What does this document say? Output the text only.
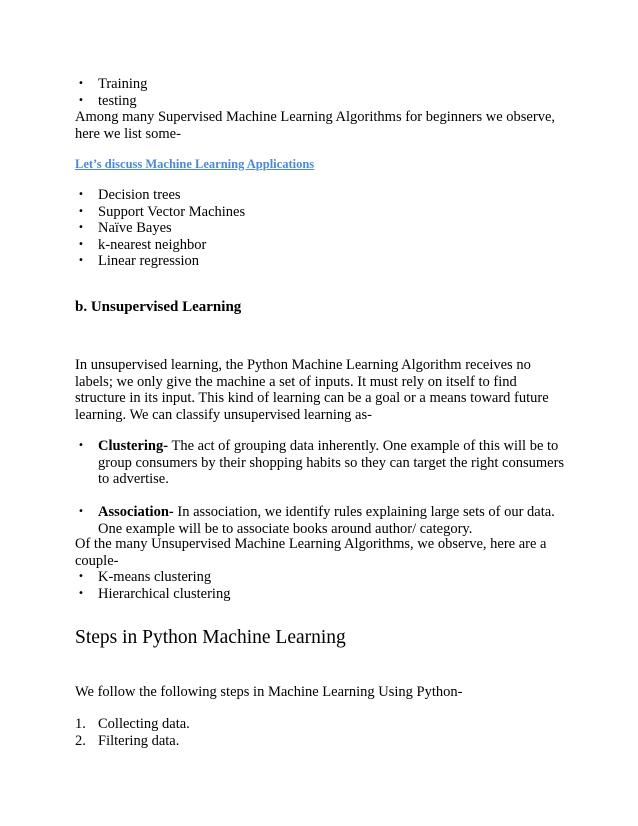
• Training
• testing

Among many Supervised Machine Learning Algorithms for beginners we observe, here we list some-

Let’s discuss Machine Learning Applications

• Decision trees
• Support Vector Machines
• Naïve Bayes
• k-nearest neighbor
• Linear regression

b. Unsupervised Learning

In unsupervised learning, the Python Machine Learning Algorithm receives no labels; we only give the machine a set of inputs. It must rely on itself to find structure in its input. This kind of learning can be a goal or a means toward future learning. We can classify unsupervised learning as-

• Clustering- The act of grouping data inherently. One example of this will be to group consumers by their shopping habits so they can target the right consumers to advertise.
• Association- In association, we identify rules explaining large sets of our data. One example will be to associate books around author/ category.

Of the many Unsupervised Machine Learning Algorithms, we observe, here are a couple-

• K-means clustering
• Hierarchical clustering

Steps in Python Machine Learning

We follow the following steps in Machine Learning Using Python-

1. Collecting data.
2. Filtering data.
